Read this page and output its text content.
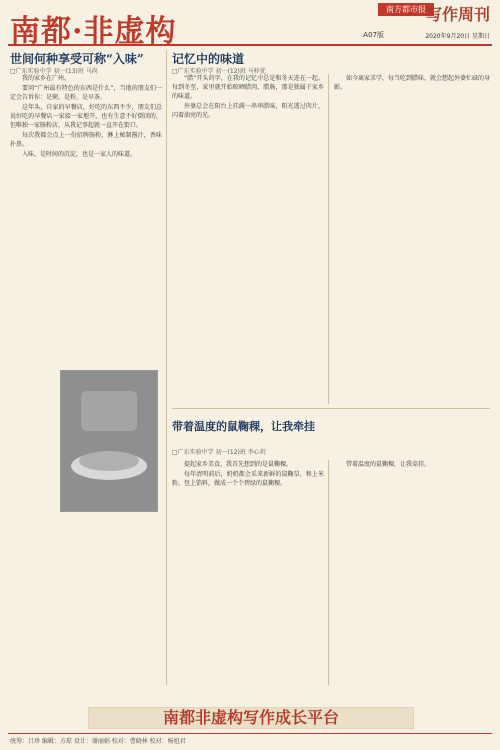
南都·非虚构
南方都市报 写作周刊
A07版	2020年9月20日 星期日
世间何种享受可称“入味”
□广东实验中学 初一(13)班 马尚

我的家乡在广州。

要问“广州最有特色的东西是什么”，当地的朋友们一定会告诉你：是粥，是粉，是早茶。

这年头，自家的早餐店，好吃的东西不少，朋友们总说好吃的早餐店一家接一家地开，也有生意不好倒闭的，但唯独一家肠粉店，从我记事起就一直开在街口。

每次我都会点上一份招牌肠粉，淋上秘制酱汁，香味扑鼻。

入味，是时间的沉淀，也是一家人的味道。

记忆中的味道
□广东实验中学 初一(12)班 马梓优

“腊”开头的字，在我的记忆中总是和冬天连在一起。每到冬至，家里就开始晾晒腊肉、腊肠，那是独属于家乡的味道。

外婆总会在阳台上挂满一串串腊味，阳光透过肉片，闪着油亮的光。

如今离家求学，每当吃到腊味，就会想起外婆忙碌的身影。

带着温度的鼠鞠稞，让我牵挂
□广东实验中学 初一(12)班 李心玥

提起家乡美食，我首先想到的是鼠鞠稞。

每年清明前后，奶奶都会采来新鲜的鼠鞠草，和上米粉，包上馅料，做成一个个碧绿的鼠鞠稞。

带着温度的鼠鞠稞，让我牵挂。

南都非虚构写作成长平台
统筹：吕珍 编辑：方琼 设计：谢丽娟 校对：曹晓林 校对：杨旭君
